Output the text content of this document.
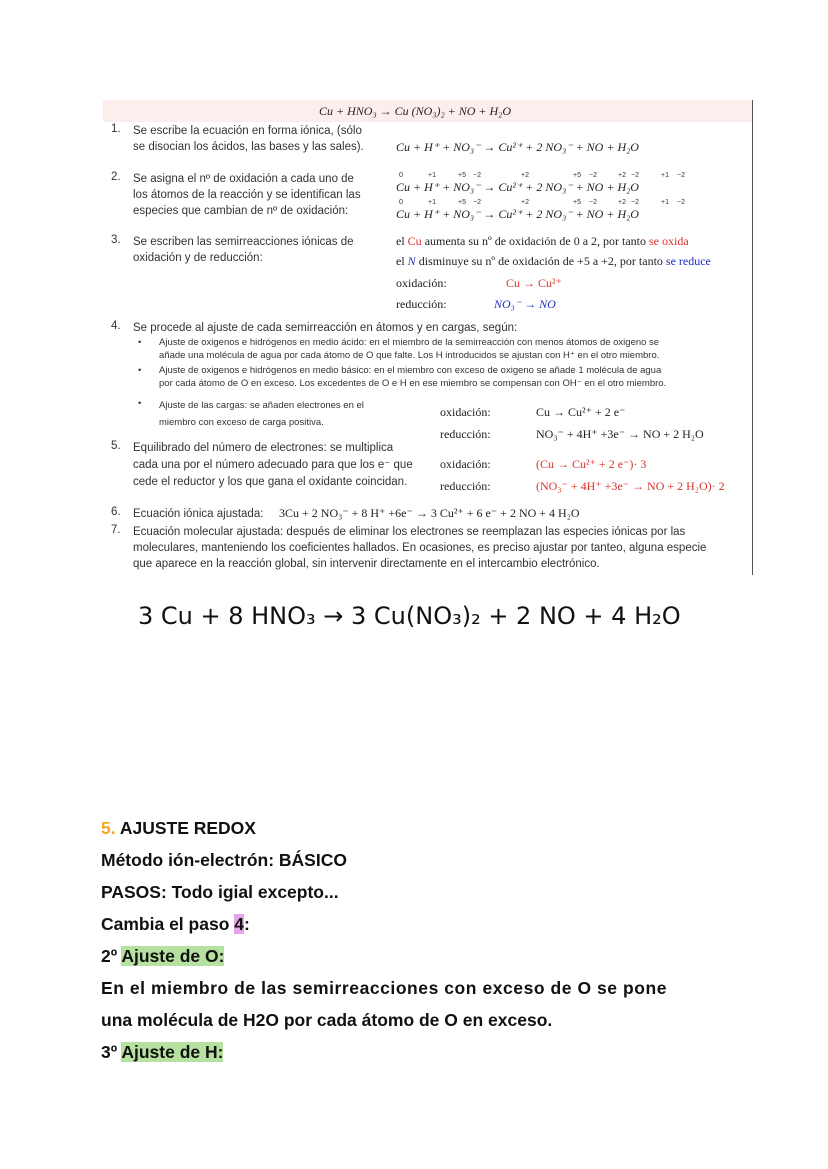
Cu + HNO₃ → Cu (NO₃)₂ + NO + H₂O
1. Se escribe la ecuación en forma iónica, (sólo
se disocian los ácidos, las bases y las sales).	Cu + H⁺ + NO₃⁻ → Cu²⁺ + 2 NO₃⁻ + NO + H₂O
2. Se asigna el nº de oxidación a cada uno de
los átomos de la reacción y se identifican las
especies que cambian de nº de oxidación:
0	+1	+5 −2	+2	+5 −2	+2 −2	+1 −2
Cu + H⁺ + NO₃⁻ → Cu²⁺ + 2 NO₃⁻ + NO + H₂O
0	+1	+5 −2	+2	+5 −2	+2 −2	+1 −2
Cu + H⁺ + NO₃⁻ → Cu²⁺ + 2 NO₃⁻ + NO + H₂O
3. Se escriben las semirreacciones iónicas de
oxidación y de reducción:
el Cu aumenta su nº de oxidación de 0 a 2, por tanto se oxida
el N disminuye su nº de oxidación de +5 a +2, por tanto se reduce
oxidación:	Cu → Cu²⁺
reducción:	NO₃⁻ → NO
4. Se procede al ajuste de cada semirreacción en átomos y en cargas, según:
• Ajuste de oxigenos e hidrógenos en medio ácido: en el miembro de la semirreacción con menos átomos de oxigeno se
añade una molécula de agua por cada átomo de O que falte. Los H introducidos se ajustan con H⁺ en el otro miembro.
• Ajuste de oxigenos e hidrógenos en medio básico: en el miembro con exceso de oxigeno se añade 1 molécula de agua
por cada átomo de O en exceso. Los excedentes de O e H en ese miembro se compensan con OH⁻ en el otro miembro.
• Ajuste de las cargas: se añaden electrones en el
miembro con exceso de carga positiva.
oxidación:	Cu → Cu²⁺ + 2 e⁻
reducción:	NO₃⁻ + 4H⁺ +3e⁻ → NO + 2 H₂O
5. Equilibrado del número de electrones: se multiplica
cada una por el número adecuado para que los e⁻ que
cede el reductor y los que gana el oxidante coincidan.
oxidación:	(Cu → Cu²⁺ + 2 e⁻)· 3
reducción:	(NO₃⁻ + 4H⁺ +3e⁻ → NO + 2 H₂O)· 2
6. Ecuación iónica ajustada: 3Cu + 2 NO₃⁻ + 8 H⁺ +6e⁻ → 3 Cu²⁺ + 6 e⁻ + 2 NO + 4 H₂O
7. Ecuación molecular ajustada: después de eliminar los electrones se reemplazan las especies iónicas por las
moleculares, manteniendo los coeficientes hallados. En ocasiones, es preciso ajustar por tanteo, alguna especie
que aparece en la reacción global, sin intervenir directamente en el intercambio electrónico.
3 Cu + 8 HNO₃ → 3 Cu(NO₃)₂ + 2 NO + 4 H₂O
5. AJUSTE REDOX
Método ión-electrón: BÁSICO
PASOS: Todo igial excepto...
Cambia el paso 4:
2º Ajuste de O:
En el miembro de las semirreacciones con exceso de O se pone
una molécula de H2O por cada átomo de O en exceso.
3º Ajuste de H:
